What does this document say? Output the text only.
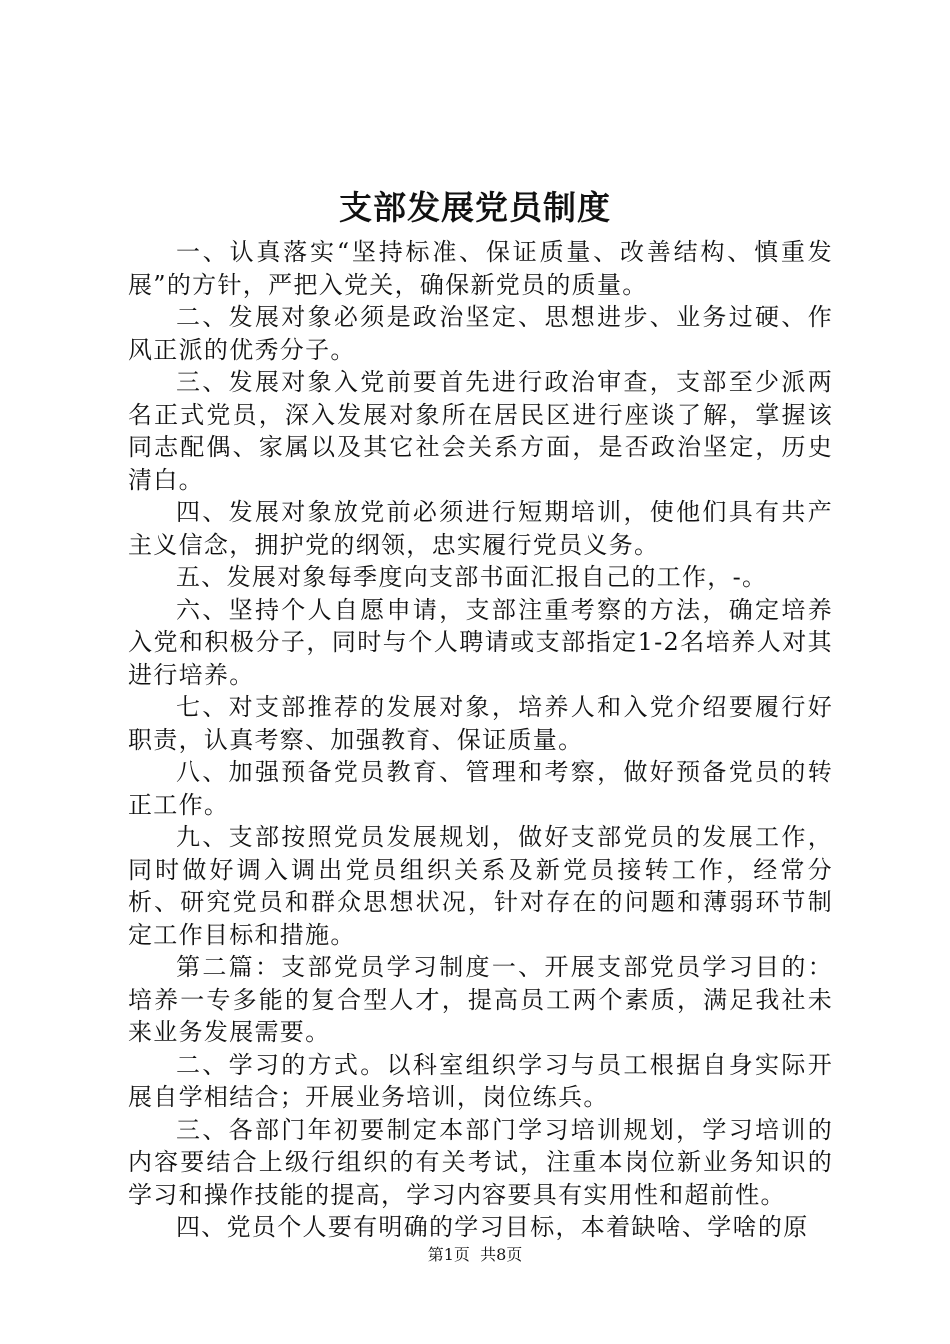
支部发展党员制度

一、认真落实“坚持标准、保证质量、改善结构、慎重发展”的方针，严把入党关，确保新党员的质量。

二、发展对象必须是政治坚定、思想进步、业务过硬、作风正派的优秀分子。

三、发展对象入党前要首先进行政治审查，支部至少派两名正式党员，深入发展对象所在居民区进行座谈了解，掌握该同志配偶、家属以及其它社会关系方面，是否政治坚定，历史清白。

四、发展对象放党前必须进行短期培训，使他们具有共产主义信念，拥护党的纲领，忠实履行党员义务。

五、发展对象每季度向支部书面汇报自己的工作，-。

六、坚持个人自愿申请，支部注重考察的方法，确定培养入党和积极分子，同时与个人聘请或支部指定1-2名培养人对其进行培养。

七、对支部推荐的发展对象，培养人和入党介绍要履行好职责，认真考察、加强教育、保证质量。

八、加强预备党员教育、管理和考察，做好预备党员的转正工作。

九、支部按照党员发展规划，做好支部党员的发展工作，同时做好调入调出党员组织关系及新党员接转工作，经常分析、研究党员和群众思想状况，针对存在的问题和薄弱环节制定工作目标和措施。

第二篇：支部党员学习制度一、开展支部党员学习目的：培养一专多能的复合型人才，提高员工两个素质，满足我社未来业务发展需要。

二、学习的方式。以科室组织学习与员工根据自身实际开展自学相结合；开展业务培训，岗位练兵。

三、各部门年初要制定本部门学习培训规划，学习培训的内容要结合上级行组织的有关考试，注重本岗位新业务知识的学习和操作技能的提高，学习内容要具有实用性和超前性。

四、党员个人要有明确的学习目标，本着缺啥、学啥的原

第1页 共8页
